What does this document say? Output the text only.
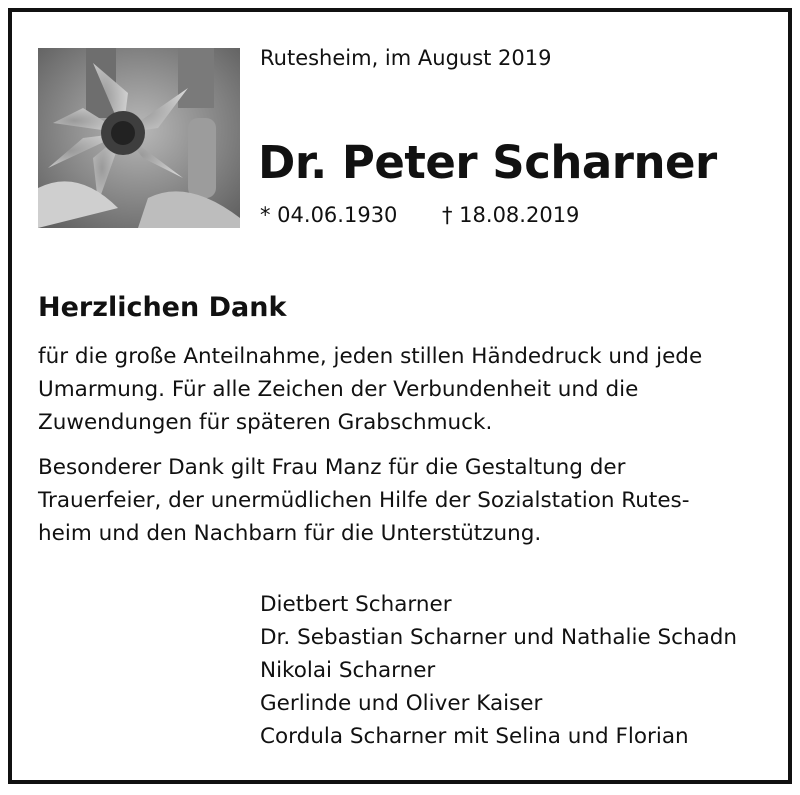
Rutesheim, im August 2019
Dr. Peter Scharner
* 04.06.1930 † 18.08.2019
Herzlichen Dank
für die große Anteilnahme, jeden stillen Händedruck und jede
Umarmung. Für alle Zeichen der Verbundenheit und die
Zuwendungen für späteren Grabschmuck.
Besonderer Dank gilt Frau Manz für die Gestaltung der
Trauerfeier, der unermüdlichen Hilfe der Sozialstation Rutes-
heim und den Nachbarn für die Unterstützung.
Dietbert Scharner
Dr. Sebastian Scharner und Nathalie Schadn
Nikolai Scharner
Gerlinde und Oliver Kaiser
Cordula Scharner mit Selina und Florian
